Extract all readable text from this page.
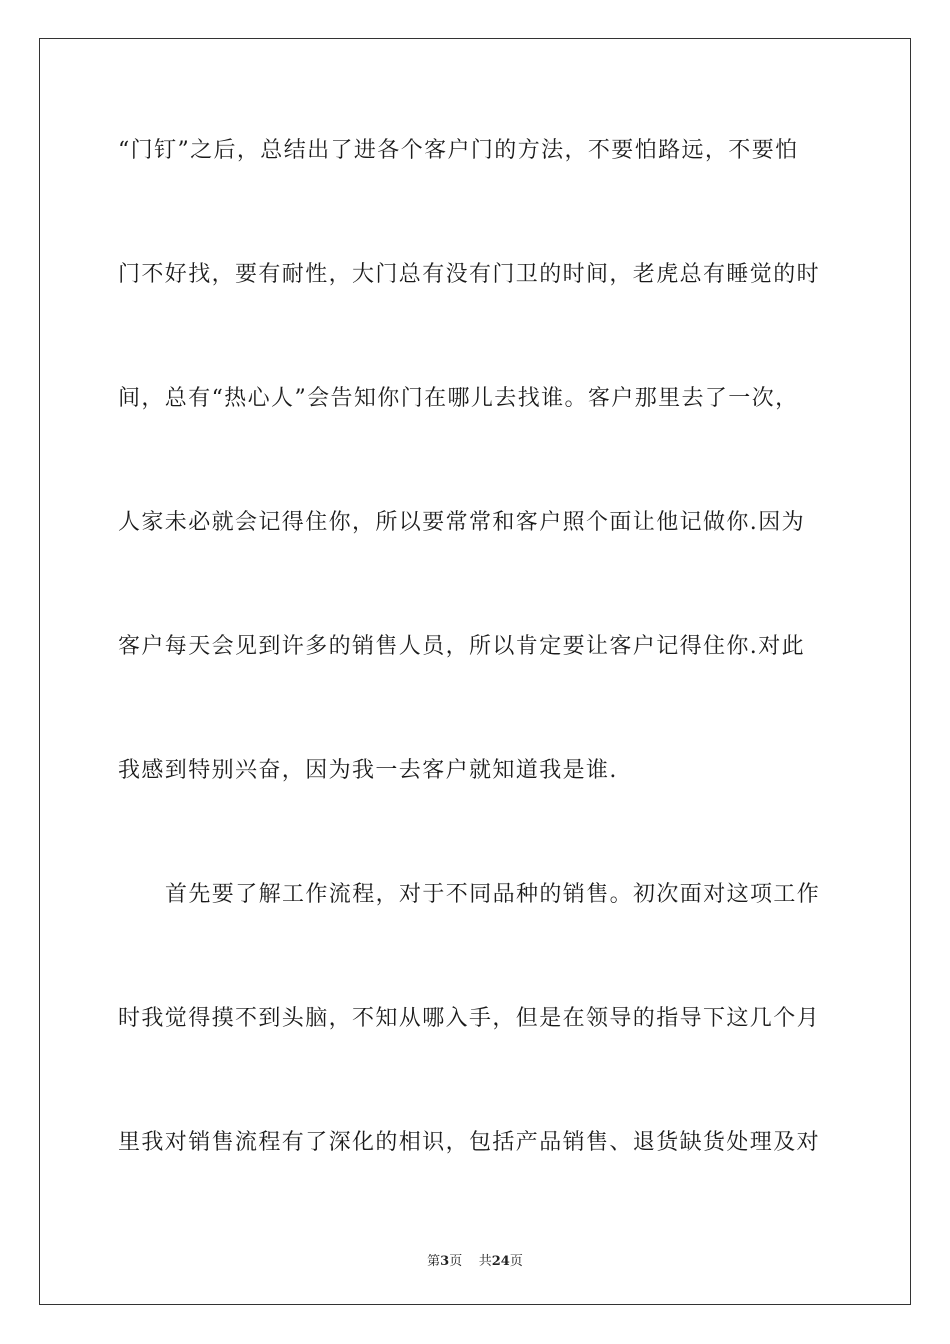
“门钉”之后，总结出了进各个客户门的方法，不要怕路远，不要怕
门不好找，要有耐性，大门总有没有门卫的时间，老虎总有睡觉的时
间，总有“热心人”会告知你门在哪儿去找谁。客户那里去了一次，
人家未必就会记得住你，所以要常常和客户照个面让他记做你.因为
客户每天会见到许多的销售人员，所以肯定要让客户记得住你.对此
我感到特别兴奋，因为我一去客户就知道我是谁.
首先要了解工作流程，对于不同品种的销售。初次面对这项工作
时我觉得摸不到头脑，不知从哪入手，但是在领导的指导下这几个月
里我对销售流程有了深化的相识，包括产品销售、退货缺货处理及对
第3页 共24页
